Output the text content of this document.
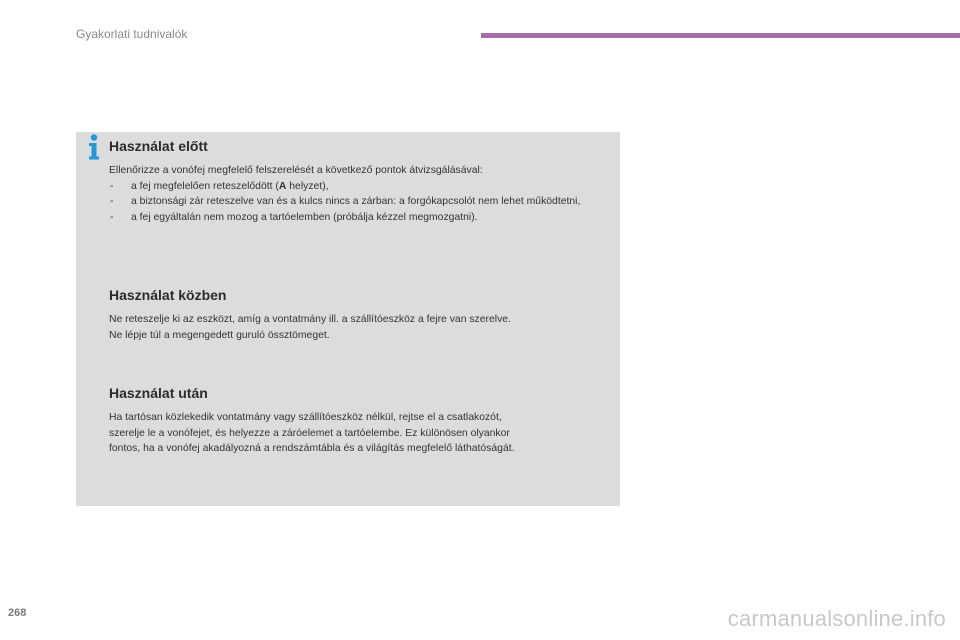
Gyakorlati tudnivalók
Használat előtt

Ellenőrizze a vonófej megfelelő felszerelését a következő pontok átvizsgálásával:

- a fej megfelelően reteszelődött (A helyzet),
- a biztonsági zár reteszelve van és a kulcs nincs a zárban: a forgókapcsolót nem lehet működtetni,
- a fej egyáltalán nem mozog a tartóelemben (próbálja kézzel megmozgatni).
Használat közben

Ne reteszelje ki az eszközt, amíg a vontatmány ill. a szállítóeszköz a fejre van szerelve.

Ne lépje túl a megengedett guruló össztömeget.

Használat után

Ha tartósan közlekedik vontatmány vagy szállítóeszköz nélkül, rejtse el a csatlakozót,

szerelje le a vonófejet, és helyezze a záróelemet a tartóelembe. Ez különösen olyankor

fontos, ha a vonófej akadályozná a rendszámtábla és a világítás megfelelő láthatóságát.

268	carmanualsonline.info
